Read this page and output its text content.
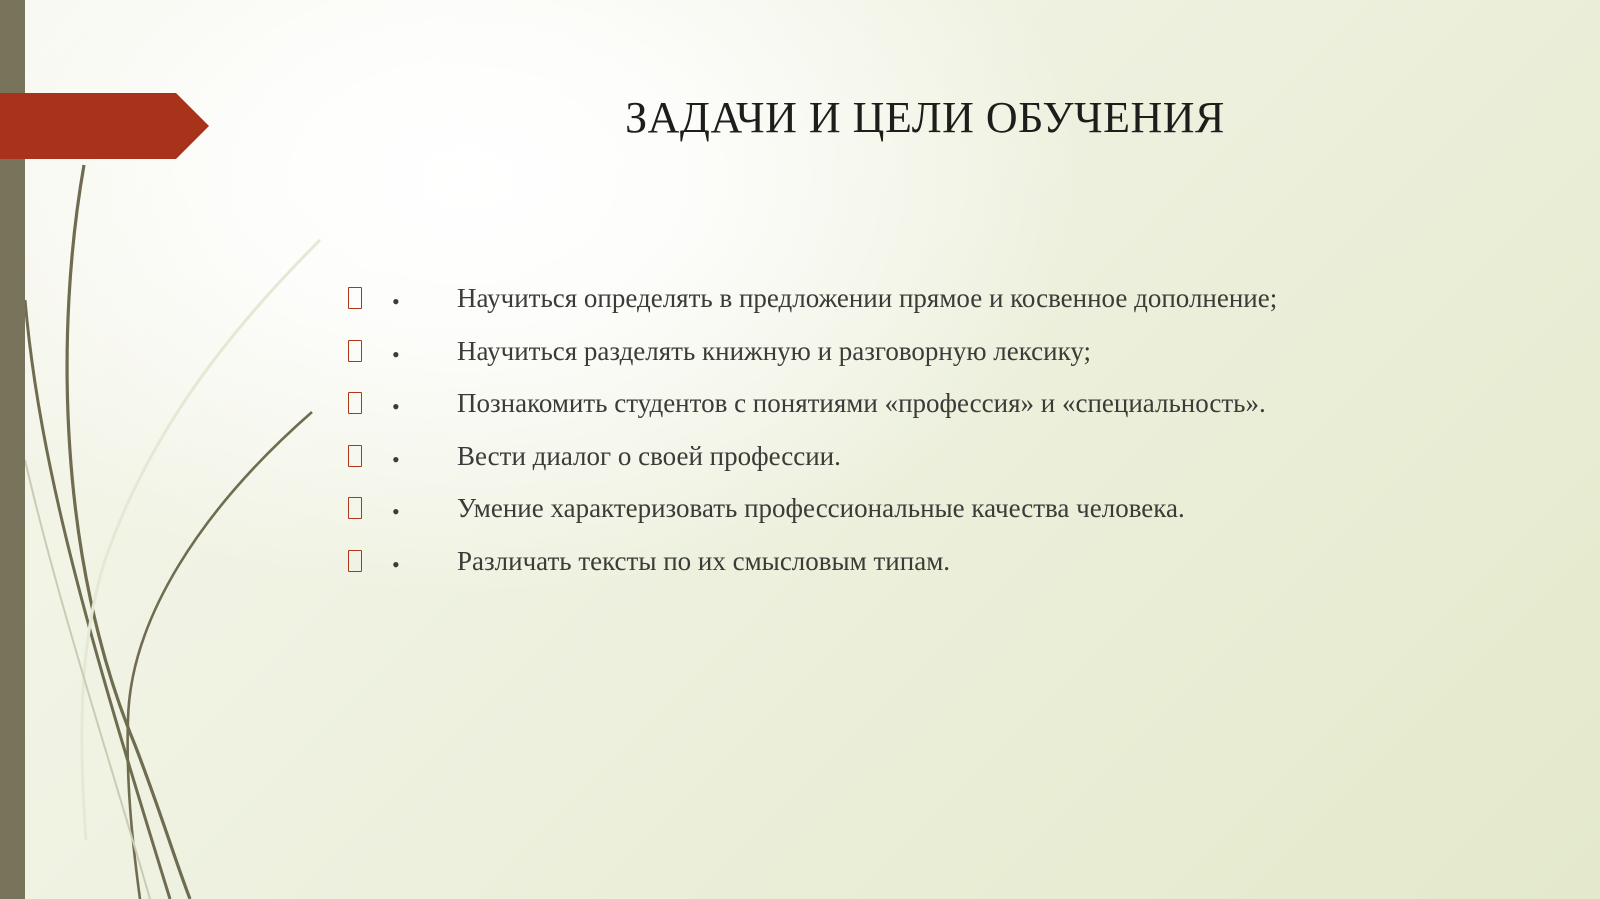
ЗАДАЧИ И ЦЕЛИ ОБУЧЕНИЯ
• Научиться определять в предложении прямое и косвенное дополнение;
• Научиться разделять книжную и разговорную лексику;
• Познакомить студентов с понятиями «профессия» и «специальность».
• Вести диалог о своей профессии.
• Умение характеризовать профессиональные качества человека.
• Различать тексты по их смысловым типам.
